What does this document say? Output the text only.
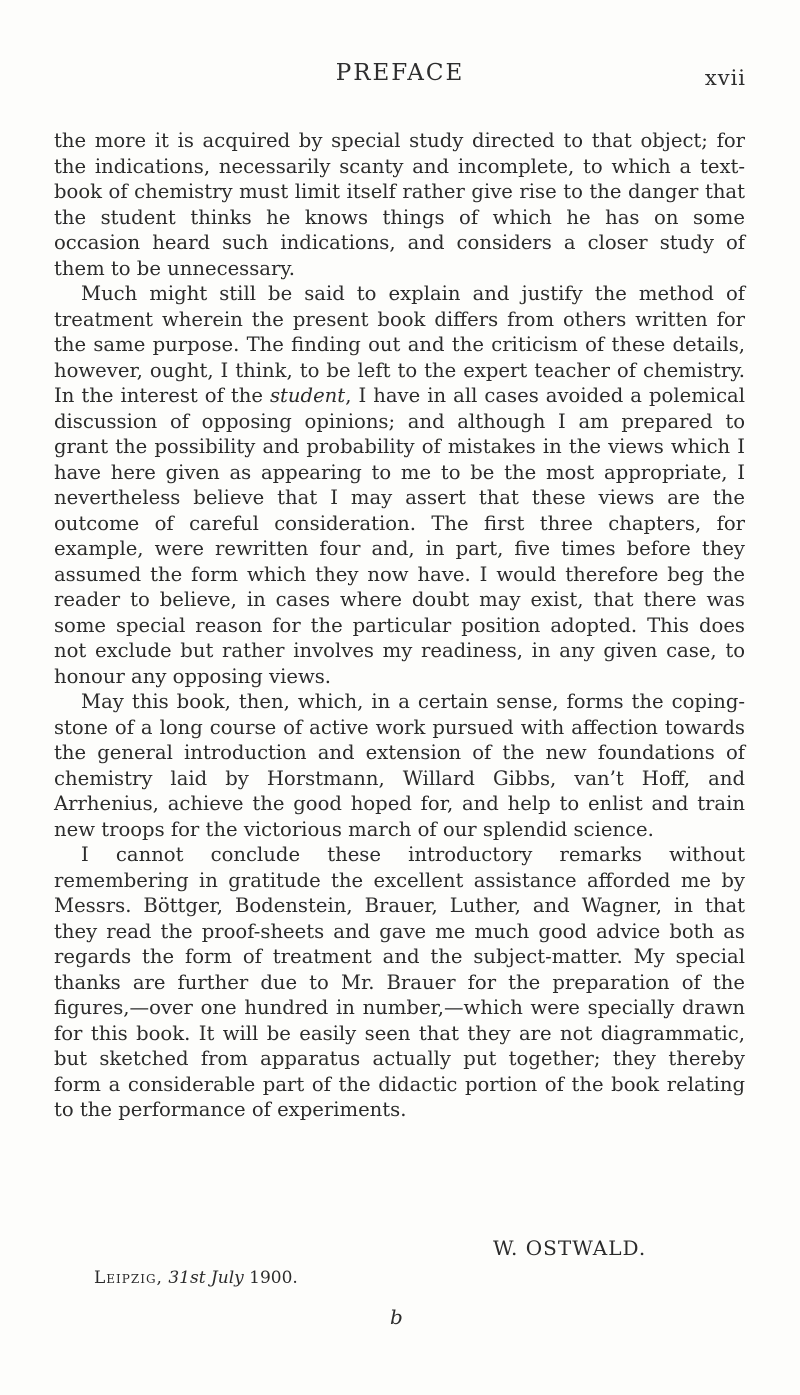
PREFACE	xvii

the more it is acquired by special study directed to that object; for the indications, necessarily scanty and incomplete, to which a text-book of chemistry must limit itself rather give rise to the danger that the student thinks he knows things of which he has on some occasion heard such indications, and considers a closer study of them to be unnecessary.

Much might still be said to explain and justify the method of treatment wherein the present book differs from others written for the same purpose. The finding out and the criticism of these details, however, ought, I think, to be left to the expert teacher of chemistry. In the interest of the student, I have in all cases avoided a polemical discussion of opposing opinions; and although I am prepared to grant the possibility and probability of mistakes in the views which I have here given as appearing to me to be the most appropriate, I nevertheless believe that I may assert that these views are the outcome of careful consideration. The first three chapters, for example, were rewritten four and, in part, five times before they assumed the form which they now have. I would therefore beg the reader to believe, in cases where doubt may exist, that there was some special reason for the particular position adopted. This does not exclude but rather involves my readiness, in any given case, to honour any opposing views.

May this book, then, which, in a certain sense, forms the coping-stone of a long course of active work pursued with affection towards the general introduction and extension of the new foundations of chemistry laid by Horstmann, Willard Gibbs, van’t Hoff, and Arrhenius, achieve the good hoped for, and help to enlist and train new troops for the victorious march of our splendid science.

I cannot conclude these introductory remarks without remembering in gratitude the excellent assistance afforded me by Messrs. Böttger, Bodenstein, Brauer, Luther, and Wagner, in that they read the proof-sheets and gave me much good advice both as regards the form of treatment and the subject-matter. My special thanks are further due to Mr. Brauer for the preparation of the figures,—over one hundred in number,—which were specially drawn for this book. It will be easily seen that they are not diagrammatic, but sketched from apparatus actually put together; they thereby form a considerable part of the didactic portion of the book relating to the performance of experiments.

W. OSTWALD.
Leipzig, 31st July 1900.
b
